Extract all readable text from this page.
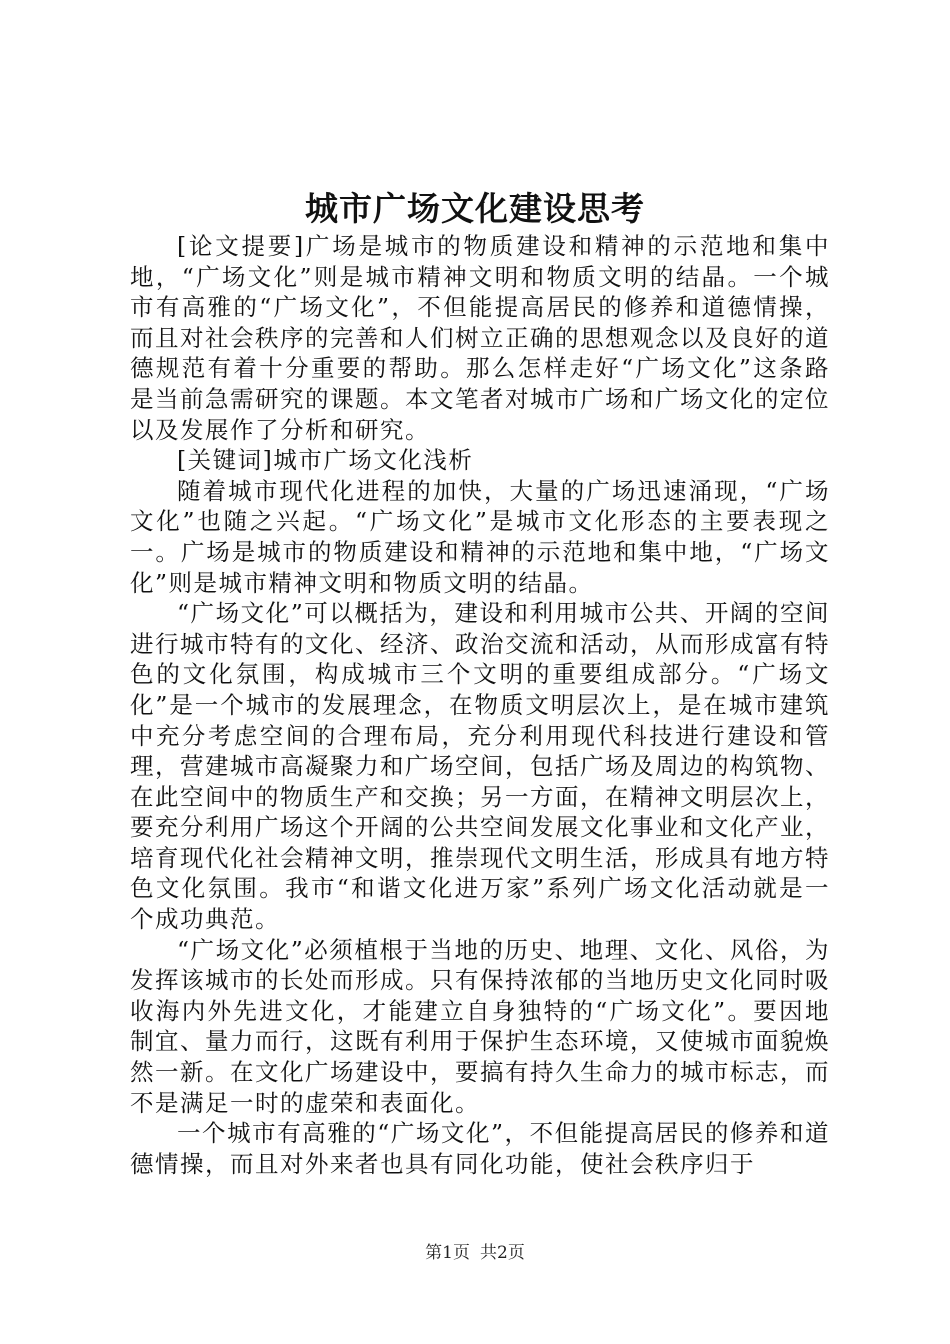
城市广场文化建设思考

[论文提要]广场是城市的物质建设和精神的示范地和集中地，“广场文化”则是城市精神文明和物质文明的结晶。一个城市有高雅的“广场文化”，不但能提高居民的修养和道德情操，而且对社会秩序的完善和人们树立正确的思想观念以及良好的道德规范有着十分重要的帮助。那么怎样走好“广场文化”这条路是当前急需研究的课题。本文笔者对城市广场和广场文化的定位以及发展作了分析和研究。

[关键词]城市广场文化浅析

随着城市现代化进程的加快，大量的广场迅速涌现，“广场文化”也随之兴起。“广场文化”是城市文化形态的主要表现之一。广场是城市的物质建设和精神的示范地和集中地，“广场文化”则是城市精神文明和物质文明的结晶。

“广场文化”可以概括为，建设和利用城市公共、开阔的空间进行城市特有的文化、经济、政治交流和活动，从而形成富有特色的文化氛围，构成城市三个文明的重要组成部分。“广场文化”是一个城市的发展理念，在物质文明层次上，是在城市建筑中充分考虑空间的合理布局，充分利用现代科技进行建设和管理，营建城市高凝聚力和广场空间，包括广场及周边的构筑物、在此空间中的物质生产和交换；另一方面，在精神文明层次上，要充分利用广场这个开阔的公共空间发展文化事业和文化产业，培育现代化社会精神文明，推崇现代文明生活，形成具有地方特色文化氛围。我市“和谐文化进万家”系列广场文化活动就是一个成功典范。

“广场文化”必须植根于当地的历史、地理、文化、风俗，为发挥该城市的长处而形成。只有保持浓郁的当地历史文化同时吸收海内外先进文化，才能建立自身独特的“广场文化”。要因地制宜、量力而行，这既有利用于保护生态环境，又使城市面貌焕然一新。在文化广场建设中，要搞有持久生命力的城市标志，而不是满足一时的虚荣和表面化。

一个城市有高雅的“广场文化”，不但能提高居民的修养和道德情操，而且对外来者也具有同化功能，使社会秩序归于

第1页 共2页
